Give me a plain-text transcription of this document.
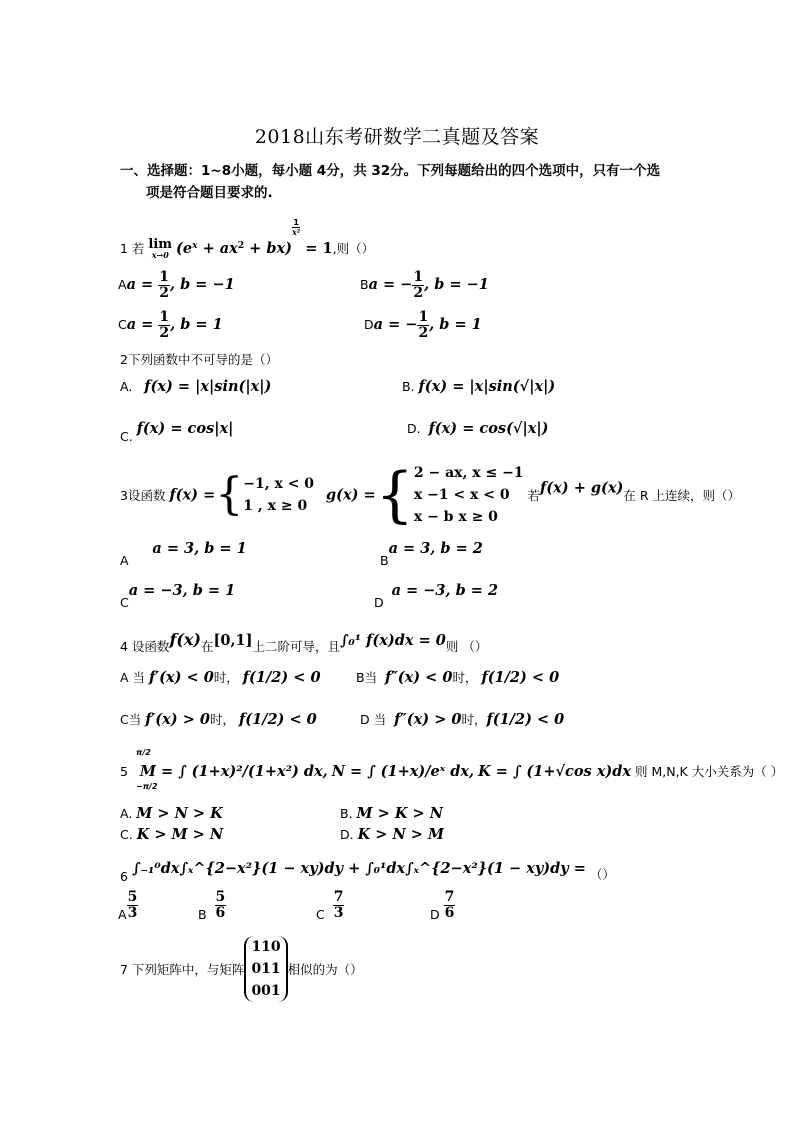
2018山东考研数学二真题及答案
一、选择题：1~8小题，每小题 4分，共 32分。下列每题给出的四个选项中，只有一个选
项是符合题目要求的.
1 若 lim
x→0 $(e^x + ax^2 + bx)$
$\frac{1}{\text{x²}}$
= 1,则（）
$Aa = \frac{1}{2}$ , b = −1	Ba = − $\frac{1}{2}$ , b = −1
$Ca = \frac{1}{2}$ , b = 1	Da = − $\frac{1}{2}$ , b = 1
2下列函数中不可导的是（）
A. f(x) = |x|sin(|x|)	B. f(x) = |x|sin(√|x|)
C. f(x) = cos|x|	D. f(x) = cos(√|x|)
3设函数 f(x) ={ −1, x < 0
1 , x ≥ 0
g(x) ={ 2 − ax, x ≤ −1
x −1 < x < 0
x − b x ≥ 0
若f(x) + g(x)在 R 上连续，则（）
A      a = 3, b = 1
Ba = 3, b = 2
Ca = −3, b = 1
D  a = −3, b = 2
4 设函数f(x)在[0,1]上二阶可导，且∫₀¹ f(x)dx = 0则 （）
A 当 f′(x) < 0时， f(1/2) < 0	B当 f″(x) < 0时， f(1/2) < 0
C当 f′(x) > 0时， f(1/2) < 0	D 当 f″(x) > 0时，f(1/2) < 0
5 M = ∫ (1+x)²/(1+x²) dx, N = ∫ (1+x)/eˣ dx, K = ∫ (1+√cos x)dx 则 M,N,K 大小关系为（ ）
π/2
−π/2
A. M > N > K	B. M > K > N
C. K > M > N	D. K > N > M
6 ∫₋₁⁰dx∫ₓ^{2−x²}(1 − xy)dy + ∫₀¹dx∫ₓ^{2−x²}(1 − xy)dy = （）
A $\frac{5}{3}$	B $\frac{5}{6}$	C $\frac{7}{3}$	D $\frac{7}{6}$
7 下列矩阵中，与矩阵
110
011
001
相似的为（）
